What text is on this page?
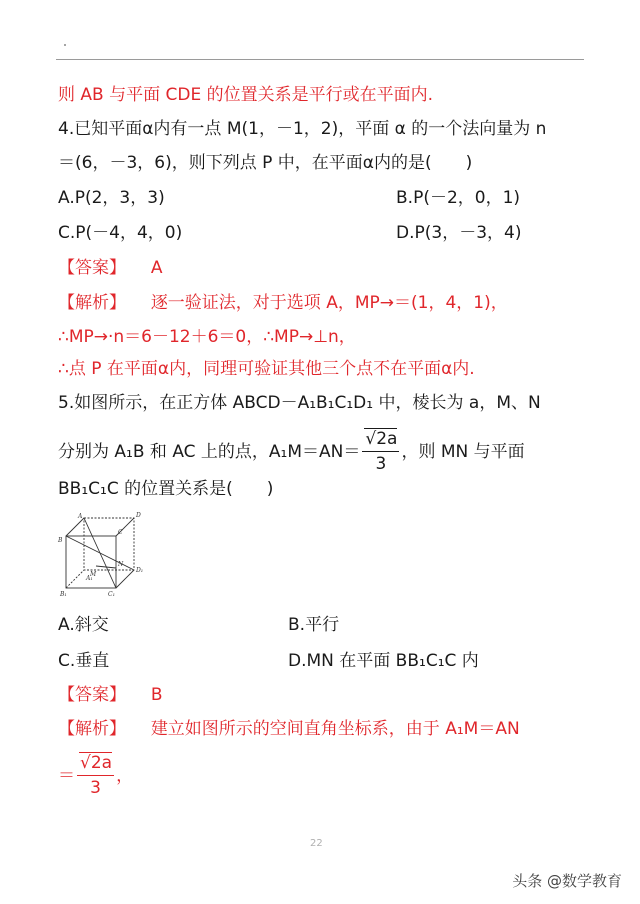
则 AB 与平面 CDE 的位置关系是平行或在平面内.
4.已知平面α内有一点 M(1，－1，2)，平面 α 的一个法向量为 n
＝(6，－3，6)，则下列点 P 中，在平面α内的是(　　)
A.P(2，3，3)	B.P(－2，0，1)
C.P(－4，4，0)	D.P(3，－3，4)
【答案】 A
【解析】 逐一验证法，对于选项 A，MP→＝(1，4，1)，
∴MP→·n＝6－12＋6＝0，∴MP→⊥n，
∴点 P 在平面α内，同理可验证其他三个点不在平面α内.
5.如图所示，在正方体 ABCD－A₁B₁C₁D₁ 中，棱长为 a，M、N
分别为 A₁B 和 AC 上的点，$A_1M=AN= \frac{√2a}{3}$ ，则 MN 与平面
BB₁C₁C 的位置关系是(　　)
A
B
C
D
A₁
B₁	C₁
D₁
M
N
A.斜交	B.平行
C.垂直	D.MN 在平面 BB₁C₁C 内
【答案】 B
【解析】 建立如图所示的空间直角坐标系，由于 A₁M＝AN
＝ $\frac{√2a}{3}$ ，
22
头条 @数学教育
